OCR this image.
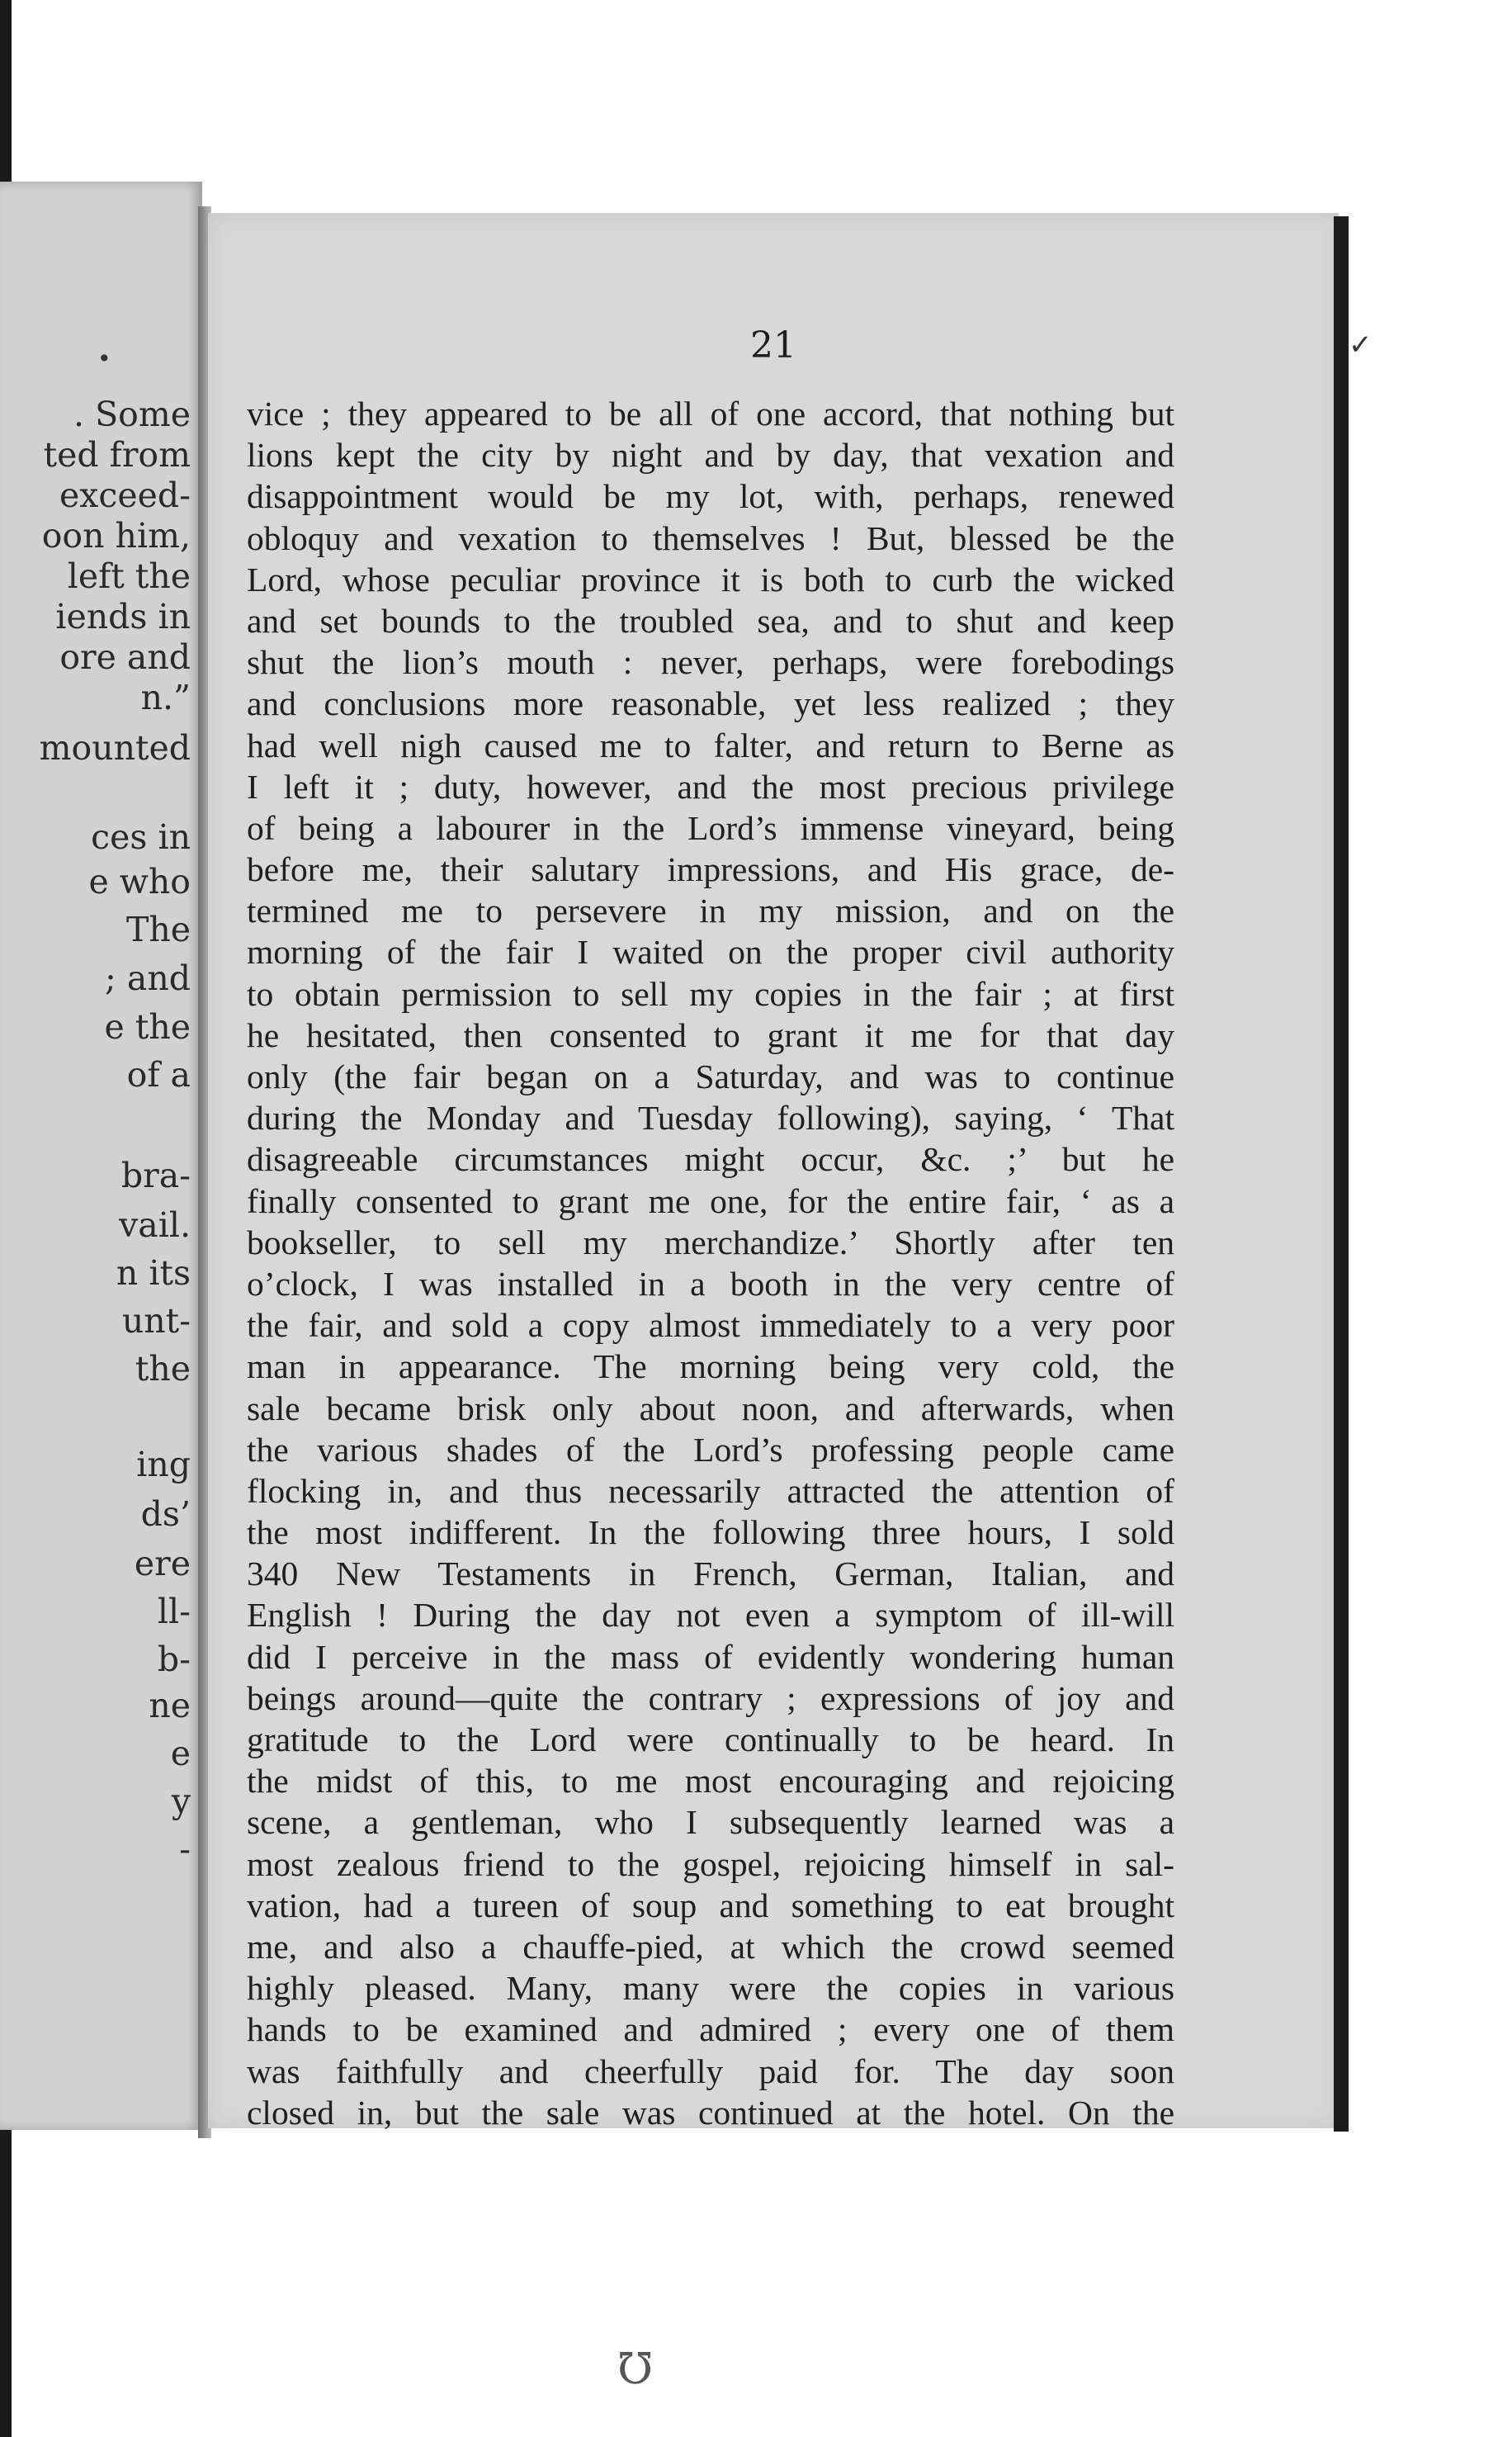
. Some
ted from
exceed-
oon him,
left the
iends in
ore and
n.”
mounted
ces in
e who
The
; and
e the
of a
bra-
vail.
n its
unt-
the
ing
ds’
ere
ll-
b-
ne
e
y
-
21
vice ; they appeared to be all of one accord, that nothing but
lions kept the city by night and by day, that vexation and
disappointment would be my lot, with, perhaps, renewed
obloquy and vexation to themselves ! But, blessed be the
Lord, whose peculiar province it is both to curb the wicked
and set bounds to the troubled sea, and to shut and keep
shut the lion’s mouth : never, perhaps, were forebodings
and conclusions more reasonable, yet less realized ; they
had well nigh caused me to falter, and return to Berne as
I left it ; duty, however, and the most precious privilege
of being a labourer in the Lord’s immense vineyard, being
before me, their salutary impressions, and His grace, de-
termined me to persevere in my mission, and on the
morning of the fair I waited on the proper civil authority
to obtain permission to sell my copies in the fair ; at first
he hesitated, then consented to grant it me for that day
only (the fair began on a Saturday, and was to continue
during the Monday and Tuesday following), saying, ‘ That
disagreeable circumstances might occur, &c. ;’ but he
finally consented to grant me one, for the entire fair, ‘ as a
bookseller, to sell my merchandize.’ Shortly after ten
o’clock, I was installed in a booth in the very centre of
the fair, and sold a copy almost immediately to a very poor
man in appearance. The morning being very cold, the
sale became brisk only about noon, and afterwards, when
the various shades of the Lord’s professing people came
flocking in, and thus necessarily attracted the attention of
the most indifferent. In the following three hours, I sold
340 New Testaments in French, German, Italian, and
English ! During the day not even a symptom of ill-will
did I perceive in the mass of evidently wondering human
beings around—quite the contrary ; expressions of joy and
gratitude to the Lord were continually to be heard. In
the midst of this, to me most encouraging and rejoicing
scene, a gentleman, who I subsequently learned was a
most zealous friend to the gospel, rejoicing himself in sal-
vation, had a tureen of soup and something to eat brought
me, and also a chauffe-pied, at which the crowd seemed
highly pleased. Many, many were the copies in various
hands to be examined and admired ; every one of them
was faithfully and cheerfully paid for. The day soon
closed in, but the sale was continued at the hotel. On the
•	✓
℧
